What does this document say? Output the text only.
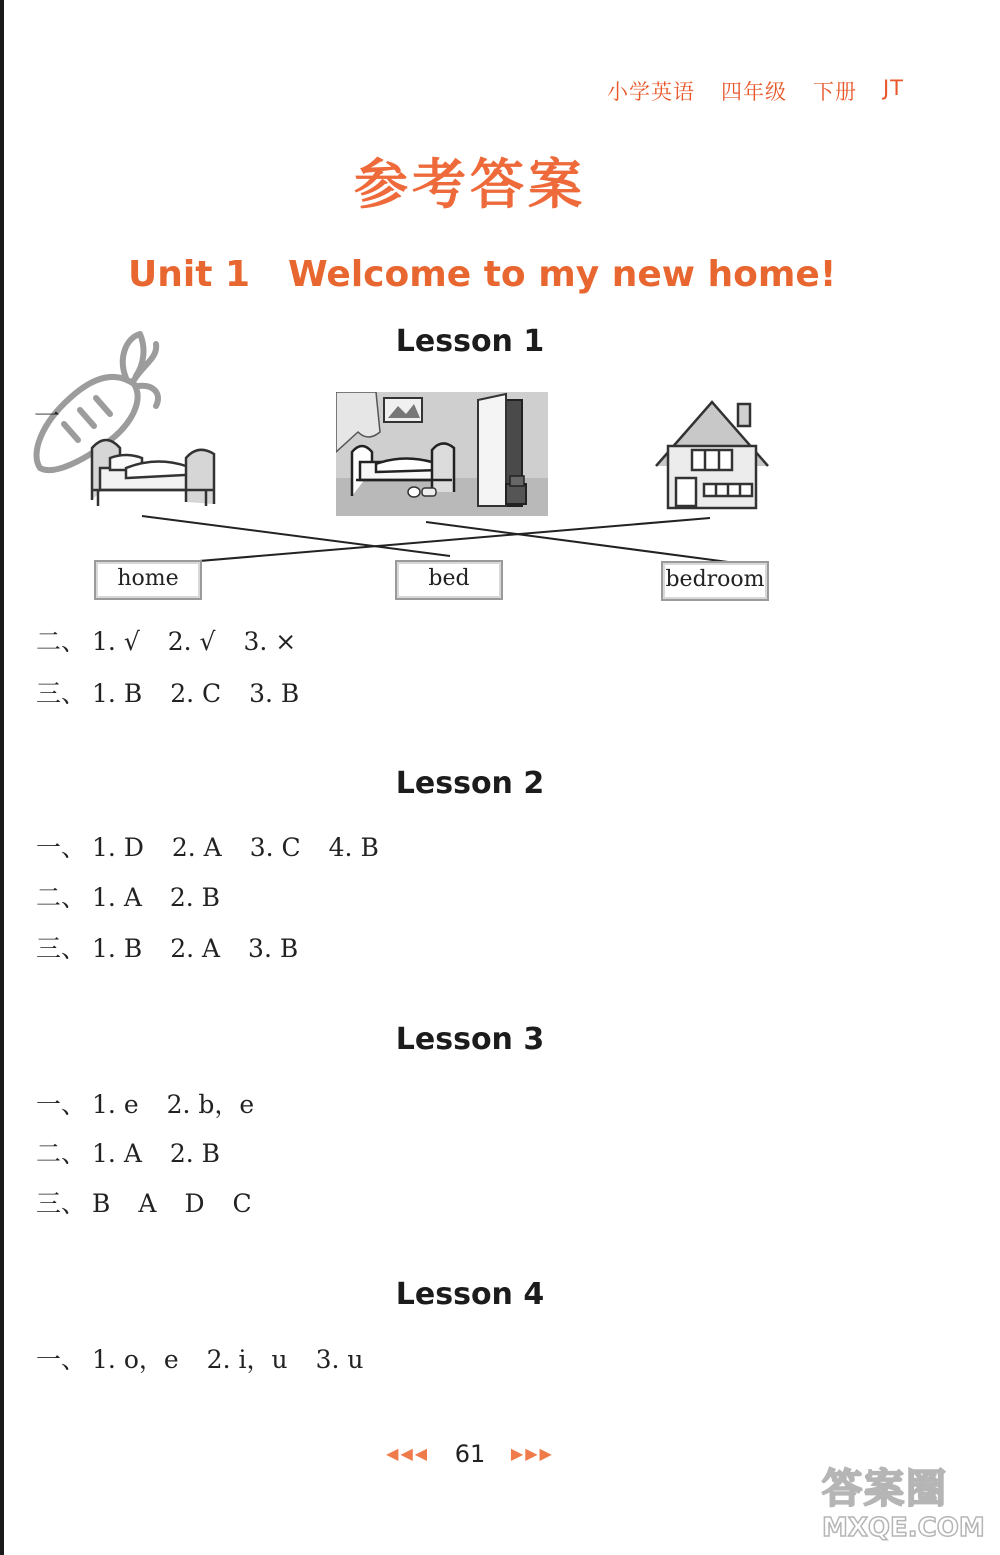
小学英语 四年级 下册 JT
参考答案
Unit 1 Welcome to my new home!
Lesson 1
一
home	bed	bedroom
二、 1. √ 2. √ 3. ×
三、 1. B 2. C 3. B
Lesson 2
一、 1. D 2. A 3. C 4. B
二、 1. A 2. B
三、 1. B 2. A 3. B
Lesson 3
一、 1. e 2. b，e
二、 1. A 2. B
三、 B A D C
Lesson 4
一、 1. o，e 2. i，u 3. u
◀◀◀ 61 ▶▶▶
答案圈
MXQE.COM
